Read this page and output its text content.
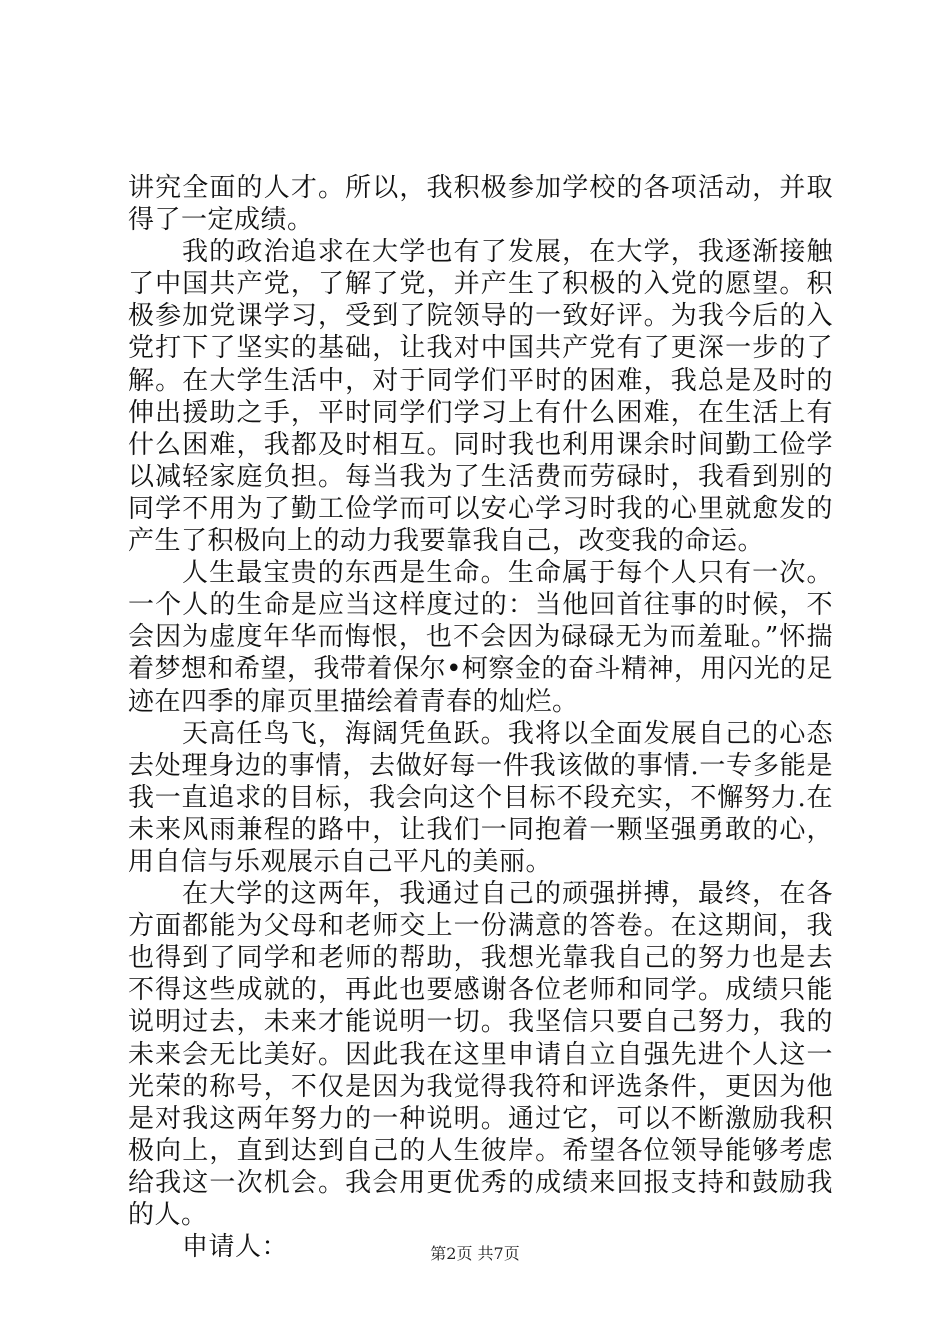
讲究全面的人才。所以，我积极参加学校的各项活动，并取得了一定成绩。

我的政治追求在大学也有了发展，在大学，我逐渐接触了中国共产党，了解了党，并产生了积极的入党的愿望。积极参加党课学习，受到了院领导的一致好评。为我今后的入党打下了坚实的基础，让我对中国共产党有了更深一步的了解。在大学生活中，对于同学们平时的困难，我总是及时的伸出援助之手，平时同学们学习上有什么困难，在生活上有什么困难，我都及时相互。同时我也利用课余时间勤工俭学以减轻家庭负担。每当我为了生活费而劳碌时，我看到别的同学不用为了勤工俭学而可以安心学习时我的心里就愈发的产生了积极向上的动力我要靠我自己，改变我的命运。

人生最宝贵的东西是生命。生命属于每个人只有一次。一个人的生命是应当这样度过的：当他回首往事的时候，不会因为虚度年华而悔恨，也不会因为碌碌无为而羞耻。”怀揣着梦想和希望，我带着保尔•柯察金的奋斗精神，用闪光的足迹在四季的扉页里描绘着青春的灿烂。

天高任鸟飞，海阔凭鱼跃。我将以全面发展自己的心态去处理身边的事情，去做好每一件我该做的事情.一专多能是我一直追求的目标，我会向这个目标不段充实，不懈努力.在未来风雨兼程的路中，让我们一同抱着一颗坚强勇敢的心，用自信与乐观展示自己平凡的美丽。

在大学的这两年，我通过自己的顽强拼搏，最终，在各方面都能为父母和老师交上一份满意的答卷。在这期间，我也得到了同学和老师的帮助，我想光靠我自己的努力也是去不得这些成就的，再此也要感谢各位老师和同学。成绩只能说明过去，未来才能说明一切。我坚信只要自己努力，我的未来会无比美好。因此我在这里申请自立自强先进个人这一光荣的称号，不仅是因为我觉得我符和评选条件，更因为他是对我这两年努力的一种说明。通过它，可以不断激励我积极向上，直到达到自己的人生彼岸。希望各位领导能够考虑给我这一次机会。我会用更优秀的成绩来回报支持和鼓励我的人。

申请人：	第2页 共7页
